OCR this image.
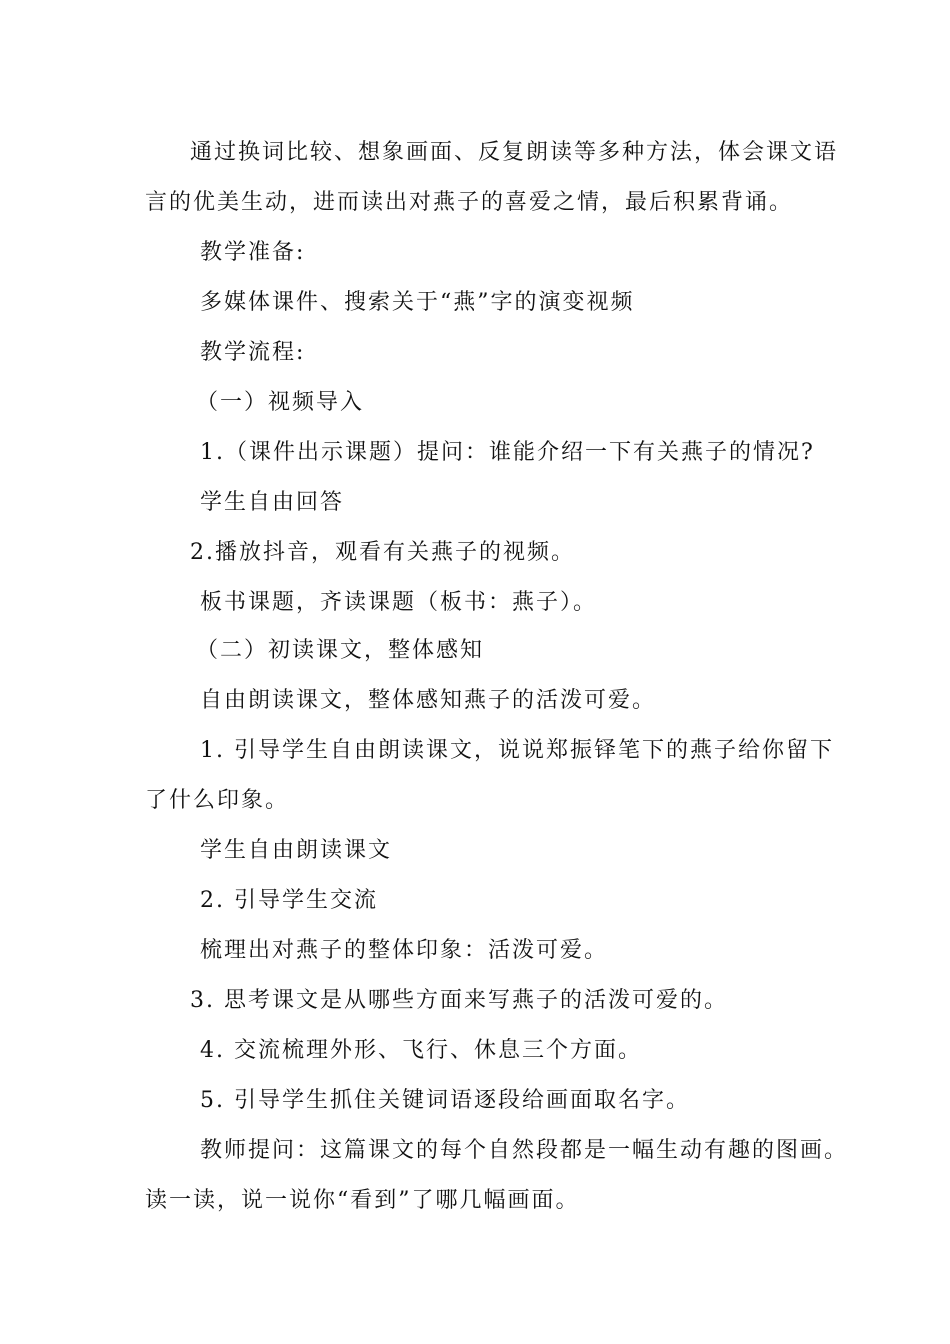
通过换词比较、想象画面、反复朗读等多种方法，体会课文语
言的优美生动，进而读出对燕子的喜爱之情，最后积累背诵。
教学准备:
多媒体课件、搜索关于“燕”字的演变视频
教学流程:
（一）视频导入
1.（课件出示课题）提问：谁能介绍一下有关燕子的情况?
学生自由回答
2.播放抖音，观看有关燕子的视频。
板书课题，齐读课题（板书：燕子）。
（二）初读课文，整体感知
自由朗读课文，整体感知燕子的活泼可爱。
1. 引导学生自由朗读课文，说说郑振铎笔下的燕子给你留下
了什么印象。
学生自由朗读课文
2. 引导学生交流
梳理出对燕子的整体印象：活泼可爱。
3. 思考课文是从哪些方面来写燕子的活泼可爱的。
4. 交流梳理外形、飞行、休息三个方面。
5. 引导学生抓住关键词语逐段给画面取名字。
教师提问：这篇课文的每个自然段都是一幅生动有趣的图画。
读一读，说一说你“看到”了哪几幅画面。
